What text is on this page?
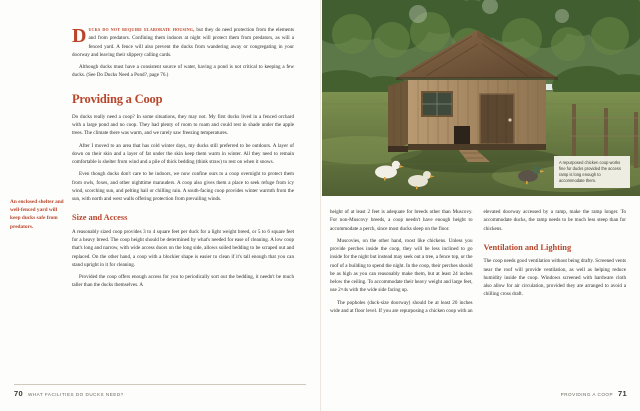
An enclosed shelter and well-fenced yard will keep ducks safe from predators.

Ducks do not require elaborate housing, but they do need protection from the elements and from predators. Confining them indoors at night will protect them from predators, as will a fenced yard. A fence will also prevent the ducks from wandering away or congregating in your doorway and leaving their slippery calling cards.

Although ducks must have a consistent source of water, having a pond is not critical to keeping a few ducks. (See Do Ducks Need a Pond?, page 76.)

Providing a Coop

Do ducks really need a coop? In some situations, they may not. My first ducks lived in a fenced orchard with a large pond and no coop. They had plenty of room to roam and could rest in shade under the apple trees. The climate there was warm, and we rarely saw freezing temperatures.

After I moved to an area that has cold winter days, my ducks still preferred to be outdoors. A layer of down on their skin and a layer of fat under the skin keep them warm in winter. All they need to remain comfortable is shelter from wind and a pile of thick bedding (think straw) to rest on when it snows.

Even though ducks don't care to be indoors, we now confine ours to a coop overnight to protect them from owls, foxes, and other nighttime marauders. A coop also gives them a place to seek refuge from icy wind, scorching sun, and pelting hail or chilling rain. A south-facing coop provides winter warmth from the sun, with north and west walls offering protection from prevailing winds.

Size and Access

A reasonably sized coop provides 3 to 4 square feet per duck for a light weight breed, or 5 to 6 square feet for a heavy breed. The coop height should be determined by what's needed for ease of cleaning. A low coop that's long and narrow, with wide access doors on the long side, allows soiled bedding to be scraped out and replaced. On the other hand, a coop with a blockier shape is easier to clean if it's tall enough that you can stand upright in it for cleaning.

Provided the coop offers enough access for you to periodically sort out the bedding, it needn't be much taller than the ducks themselves. A

70 WHAT FACILITIES DO DUCKS NEED?	PROVIDING A COOP 71
A repurposed chicken coop works fine for ducks provided the access ramp is long enough to accommodate them.

height of at least 2 feet is adequate for breeds other than Muscovy. For non-Muscovy breeds, a coop needn't have enough height to accommodate a perch, since most ducks sleep on the floor.

Muscovies, on the other hand, roost like chickens. Unless you provide perches inside the coop, they will be less inclined to go inside for the night but instead may seek out a tree, a fence top, or the roof of a building to spend the night. In the coop, their perches should be as high as you can reasonably make them, but at least 24 inches below the ceiling. To accommodate their heavy weight and large feet, use 2×4s with the wide side facing up.

The popholes (duck-size doorway) should be at least 20 inches wide and at floor level. If you are repurposing a chicken coop with an elevated doorway accessed by a ramp, make the ramp longer. To accommodate ducks, the ramp needs to be much less steep than for chickens.

Ventilation and Lighting

The coop needs good ventilation without being drafty. Screened vents near the roof will provide ventilation, as well as helping reduce humidity inside the coop. Windows screened with hardware cloth also allow for air circulation, provided they are arranged to avoid a chilling cross draft.
